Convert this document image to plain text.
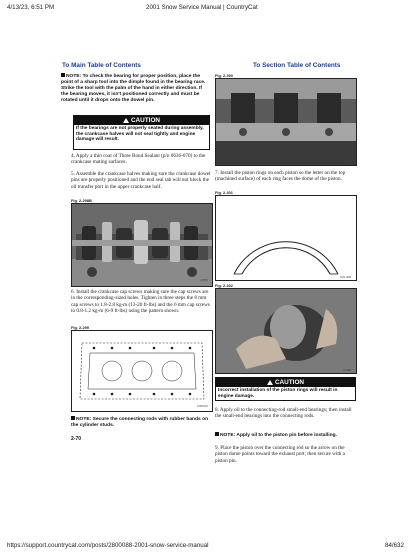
4/13/23, 6:51 PM	2001 Snow Service Manual | CountryCat
To Main Table of Contents	To Section Table of Contents
NOTE: To check the bearing for proper position, place the point of a sharp tool into the dimple found in the bearing race. Strike the tool with the palm of the hand in either direction. If the bearing moves, it isn't positioned correctly and must be rotated until it drops onto the dowel pin.
CAUTION
If the bearings are not properly seated during assembly, the crankcase halves will not seal tightly and engine damage will result.
4. Apply a thin coat of Three Bond Sealant (p/n 0636-070) to the crankcase mating surfaces.
5. Assemble the crankcase halves making sure the crankcase dowel pins are properly positioned and the end seal tab will not block the oil transfer port in the upper crankcase half.
Fig. 2-298B
AX850
6. Install the crankcase cap screws making sure the cap screws are in the corresponding-sized holes. Tighten in three steps the 8 mm cap screws to 1.8-2.8 kg-m (13-20 ft-lbs) and the 6 mm cap screws to 0.8-1.2 kg-m (6-9 ft-lbs) using the pattern shown.
Fig. 2-299
0738-010
NOTE: Secure the connecting rods with rubber bands on the cylinder studs.
2-70
Fig. 2-300
AI910
7. Install the piston rings on each piston so the letter on the top (machined surface) of each ring faces the dome of the piston.
Fig. 2-301
TM1-39M
Fig. 2-302
AC388
CAUTION
Incorrect installation of the piston rings will result in engine damage.
8. Apply oil to the connecting-rod small-end bearings; then install the small-end bearings into the connecting rods.
NOTE: Apply oil to the piston pin before installing.
9. Place the piston over the connecting rod so the arrow on the piston dome points toward the exhaust port; then secure with a piston pin.
https://support.countrycat.com/posts/2800088-2001-snow-service-manual	84/632
